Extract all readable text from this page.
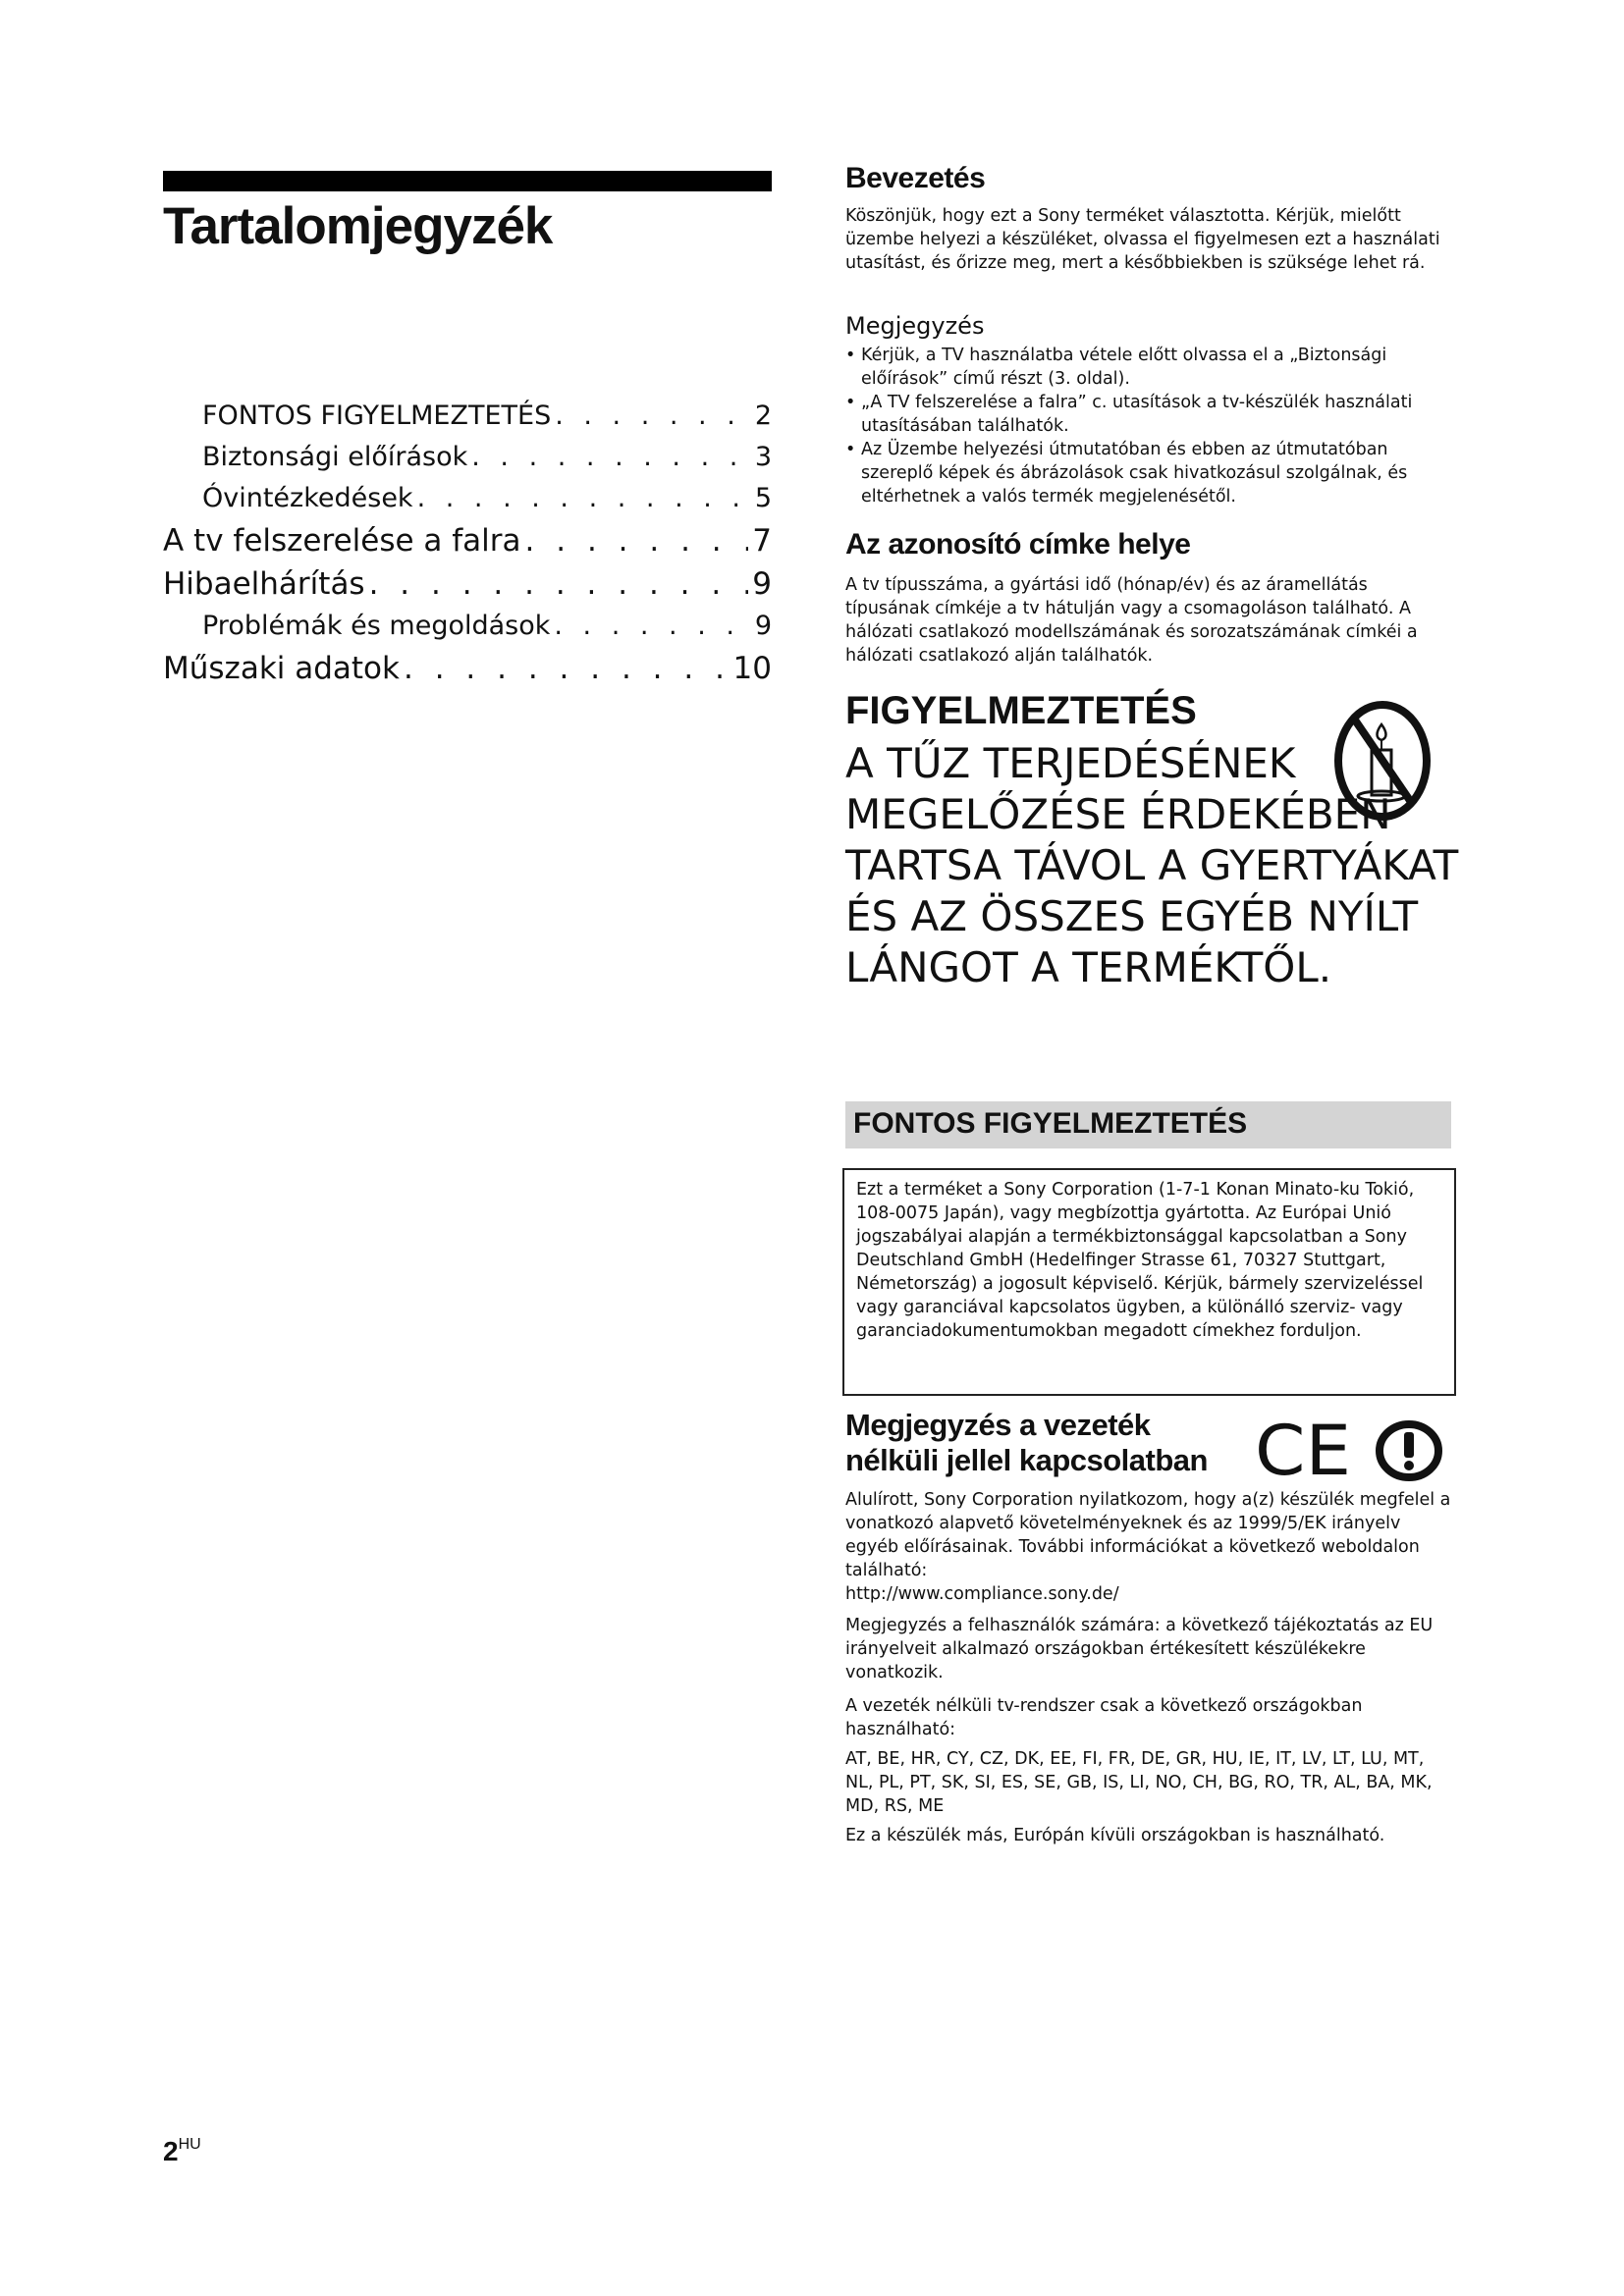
Tartalomjegyzék
FONTOS FIGYELMEZTETÉS . . .	2
Biztonsági előírások . . .	3
Óvintézkedések . . .	5
A tv felszerelése a falra . . .	7
Hibaelhárítás . . .	9
Problémák és megoldások . . .	9
Műszaki adatok . . .	10
Bevezetés

Köszönjük, hogy ezt a Sony terméket választotta. Kérjük, mielőtt üzembe helyezi a készüléket, olvassa el figyelmesen ezt a használati utasítást, és őrizze meg, mert a későbbiekben is szüksége lehet rá.

Megjegyzés
• Kérjük, a TV használatba vétele előtt olvassa el a „Biztonsági előírások” című részt (3. oldal).
• „A TV felszerelése a falra” c. utasítások a tv-készülék használati utasításában találhatók.
• Az Üzembe helyezési útmutatóban és ebben az útmutatóban szereplő képek és ábrázolások csak hivatkozásul szolgálnak, és eltérhetnek a valós termék megjelenésétől.
Az azonosító címke helye

A tv típusszáma, a gyártási idő (hónap/év) és az áramellátás típusának címkéje a tv hátulján vagy a csomagoláson található. A hálózati csatlakozó modellszámának és sorozatszámának címkéi a hálózati csatlakozó alján találhatók.

FIGYELMEZTETÉS

A TŰZ TERJEDÉSÉNEK MEGELŐZÉSE ÉRDEKÉBEN TARTSA TÁVOL A GYERTYÁKAT ÉS AZ ÖSSZES EGYÉB NYÍLT LÁNGOT A TERMÉKTŐL.

FONTOS FIGYELMEZTETÉS

Ezt a terméket a Sony Corporation (1-7-1 Konan Minato-ku Tokió, 108-0075 Japán), vagy megbízottja gyártotta. Az Európai Unió jogszabályai alapján a termékbiztonsággal kapcsolatban a Sony Deutschland GmbH (Hedelfinger Strasse 61, 70327 Stuttgart, Németország) a jogosult képviselő. Kérjük, bármely szervizeléssel vagy garanciával kapcsolatos ügyben, a különálló szerviz- vagy garanciadokumentumokban megadott címekhez forduljon.

Megjegyzés a vezeték nélküli jellel kapcsolatban CE

Alulírott, Sony Corporation nyilatkozom, hogy a(z) készülék megfelel a vonatkozó alapvető követelményeknek és az 1999/5/EK irányelv egyéb előírásainak. További információkat a következő weboldalon található:

http://www.compliance.sony.de/

Megjegyzés a felhasználók számára: a következő tájékoztatás az EU irányelveit alkalmazó országokban értékesített készülékekre vonatkozik.

A vezeték nélküli tv-rendszer csak a következő országokban használható:

AT, BE, HR, CY, CZ, DK, EE, FI, FR, DE, GR, HU, IE, IT, LV, LT, LU, MT, NL, PL, PT, SK, SI, ES, SE, GB, IS, LI, NO, CH, BG, RO, TR, AL, BA, MK, MD, RS, ME

Ez a készülék más, Európán kívüli országokban is használható.

$2^{HU}$
